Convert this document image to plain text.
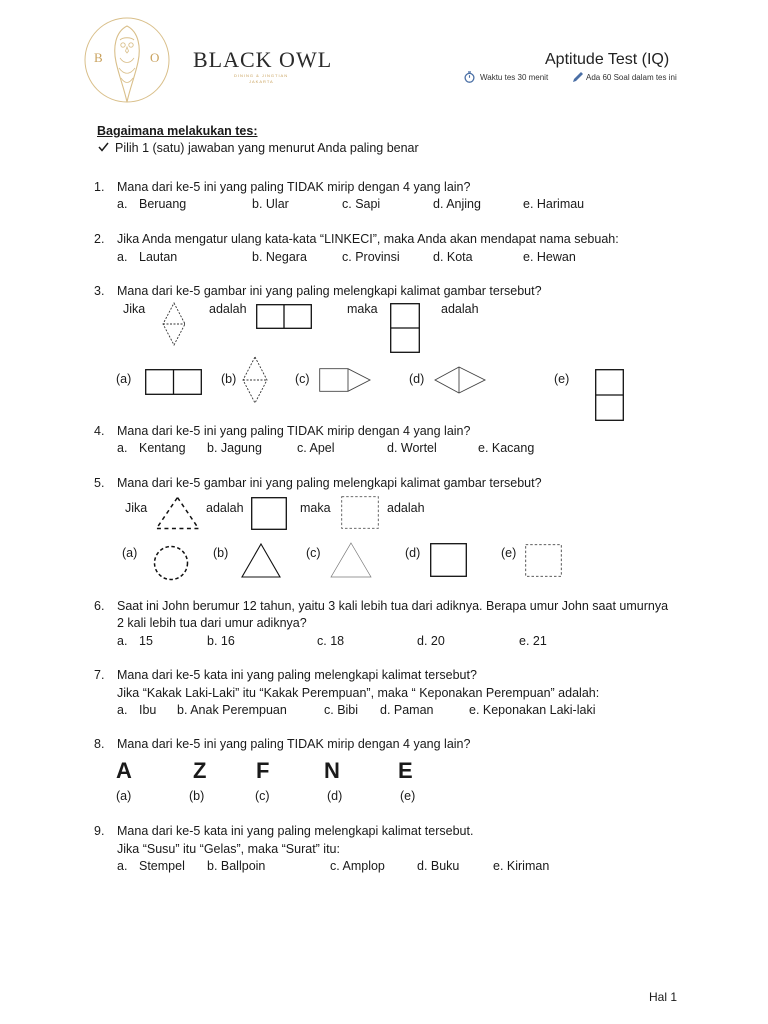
B	O BLACK OWL
DINING & JINGTIAN
JAKARTA
Aptitude Test (IQ)
Waktu tes 30 menit	Ada 60 Soal dalam tes ini
Bagaimana melakukan tes:
Pilih 1 (satu) jawaban yang menurut Anda paling benar
1. Mana dari ke-5 ini yang paling TIDAK mirip dengan 4 yang lain?
a. Beruang	b. Ular	c. Sapi	d. Anjing	e. Harimau
2. Jika Anda mengatur ulang kata-kata “LINKECI”, maka Anda akan mendapat nama sebuah:
a. Lautan	b. Negara	c. Provinsi	d. Kota	e. Hewan
3. Mana dari ke-5 gambar ini yang paling melengkapi kalimat gambar tersebut?
Jika	adalah	maka	adalah
(a)	(b)	(c)	(d)	(e)
4. Mana dari ke-5 ini yang paling TIDAK mirip dengan 4 yang lain?
a. Kentang b. Jagung	c. Apel	d. Wortel	e. Kacang
5. Mana dari ke-5 gambar ini yang paling melengkapi kalimat gambar tersebut?
Jika	adalah	maka	adalah
(a)	(b)	(c)	(d)	(e)
6. Saat ini John berumur 12 tahun, yaitu 3 kali lebih tua dari adiknya. Berapa umur John saat umurnya
2 kali lebih tua dari umur adiknya?
a. 15	b. 16	c. 18	d. 20	e. 21
7. Mana dari ke-5 kata ini yang paling melengkapi kalimat tersebut?
Jika “Kakak Laki-Laki” itu “Kakak Perempuan”, maka “ Keponakan Perempuan” adalah:
a. Ibu b. Anak Perempuan	c. Bibi d. Paman	e. Keponakan Laki-laki
8. Mana dari ke-5 ini yang paling TIDAK mirip dengan 4 yang lain?
A	Z F N	E
(a)	(b)	(c)	(d)	(e)
9. Mana dari ke-5 kata ini yang paling melengkapi kalimat tersebut.
Jika “Susu” itu “Gelas”, maka “Surat” itu:
a. Stempel b. Ballpoin	c. Amplop	d. Buku	e. Kiriman
Hal 1
